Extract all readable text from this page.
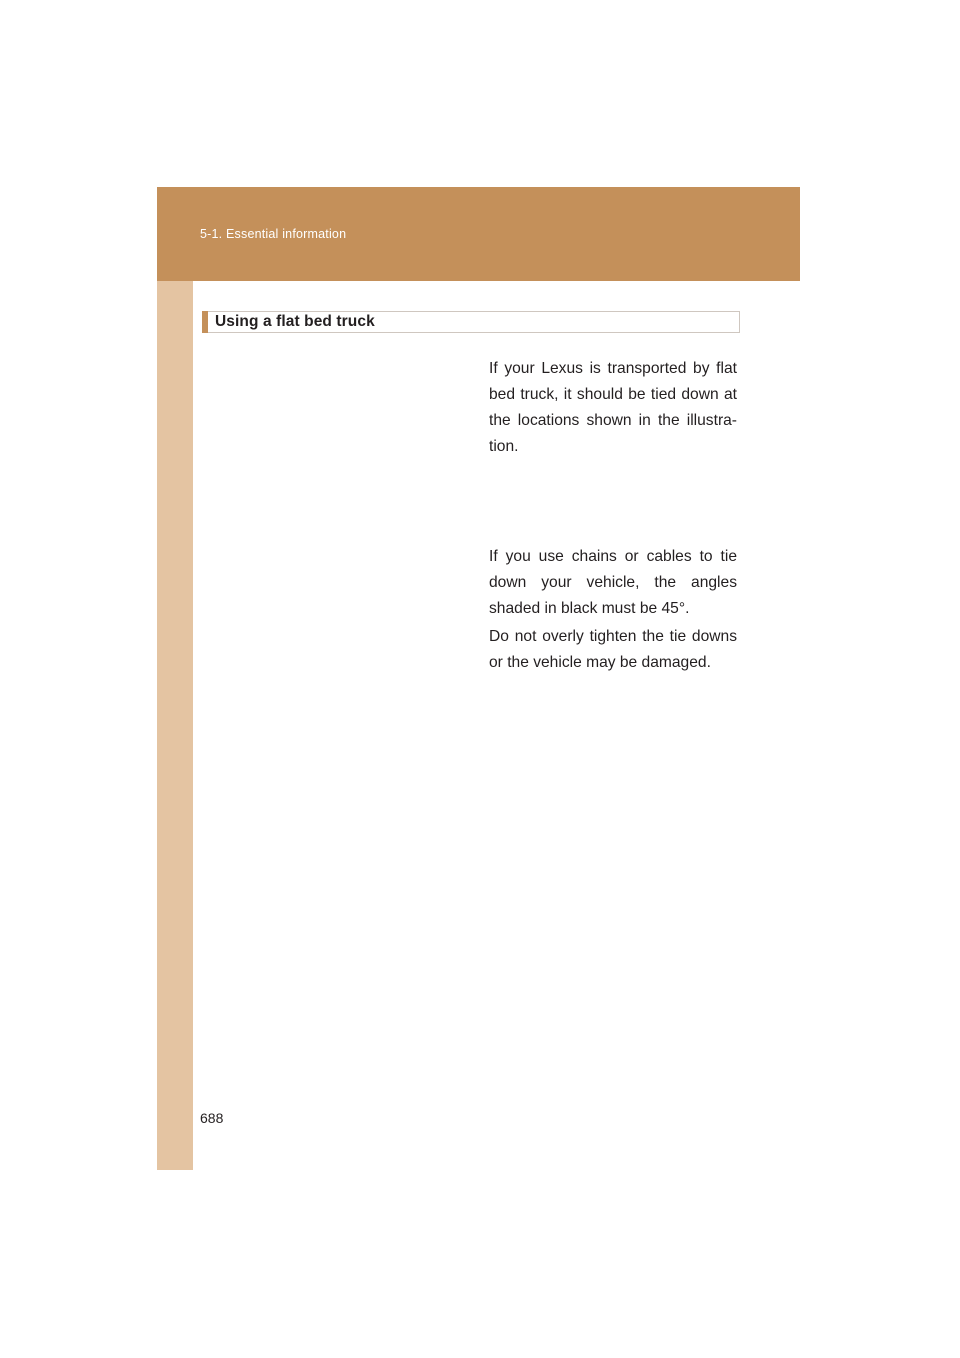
5-1. Essential information
Using a flat bed truck

If your Lexus is transported by flat bed truck, it should be tied down at the locations shown in the illustra- tion.

If you use chains or cables to tie down your vehicle, the angles shaded in black must be 45°.

Do not overly tighten the tie downs or the vehicle may be damaged.

688
